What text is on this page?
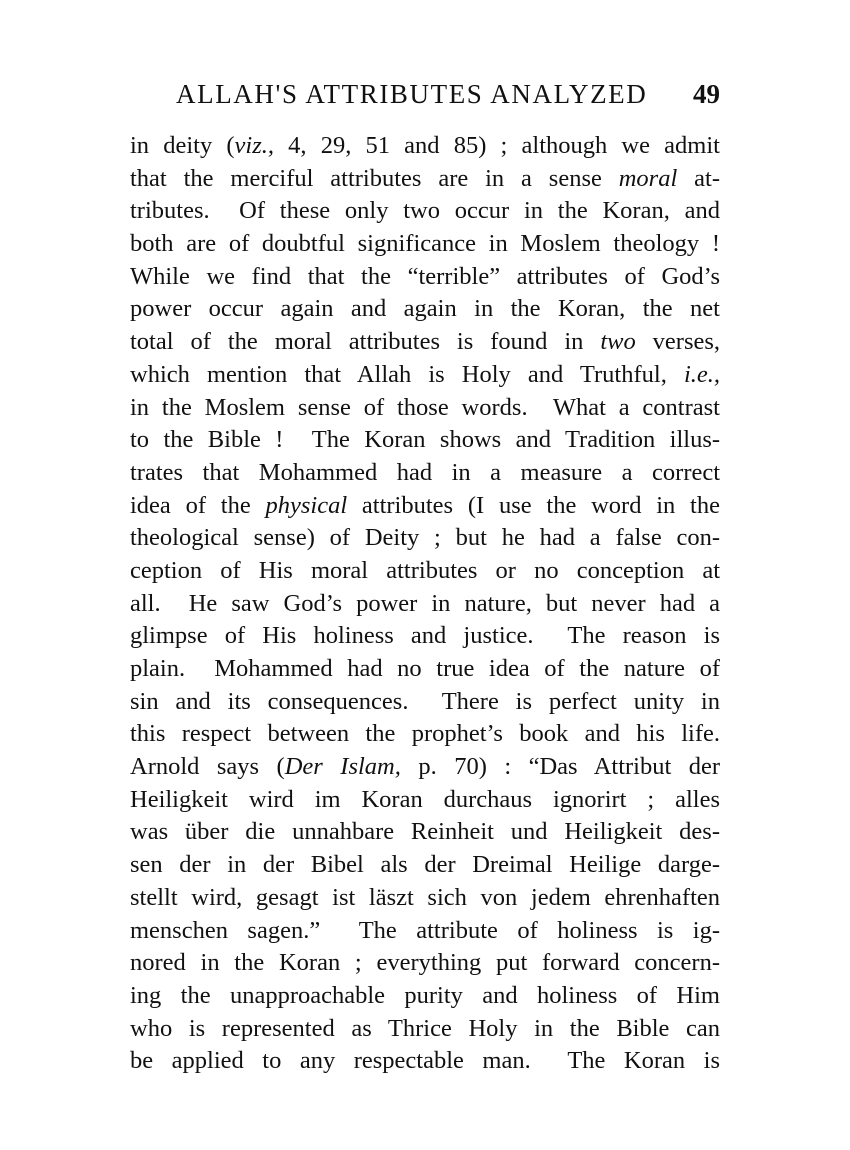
ALLAH'S ATTRIBUTES ANALYZED 49
in deity (viz., 4, 29, 51 and 85) ; although we admit
that the merciful attributes are in a sense moral at-
tributes.  Of these only two occur in the Koran, and
both are of doubtful significance in Moslem theology !
While we find that the “terrible” attributes of God’s
power occur again and again in the Koran, the net
total of the moral attributes is found in two verses,
which mention that Allah is Holy and Truthful, i.e.,
in the Moslem sense of those words.  What a contrast
to the Bible !  The Koran shows and Tradition illus-
trates that Mohammed had in a measure a correct
idea of the physical attributes (I use the word in the
theological sense) of Deity ; but he had a false con-
ception of His moral attributes or no conception at
all.  He saw God’s power in nature, but never had a
glimpse of His holiness and justice.  The reason is
plain.  Mohammed had no true idea of the nature of
sin and its consequences.  There is perfect unity in
this respect between the prophet’s book and his life.
Arnold says (Der Islam, p. 70) : “Das Attribut der
Heiligkeit wird im Koran durchaus ignorirt ; alles
was über die unnahbare Reinheit und Heiligkeit des-
sen der in der Bibel als der Dreimal Heilige darge-
stellt wird, gesagt ist läszt sich von jedem ehrenhaften
menschen sagen.”  The attribute of holiness is ig-
nored in the Koran ; everything put forward concern-
ing the unapproachable purity and holiness of Him
who is represented as Thrice Holy in the Bible can
be applied to any respectable man.  The Koran is
